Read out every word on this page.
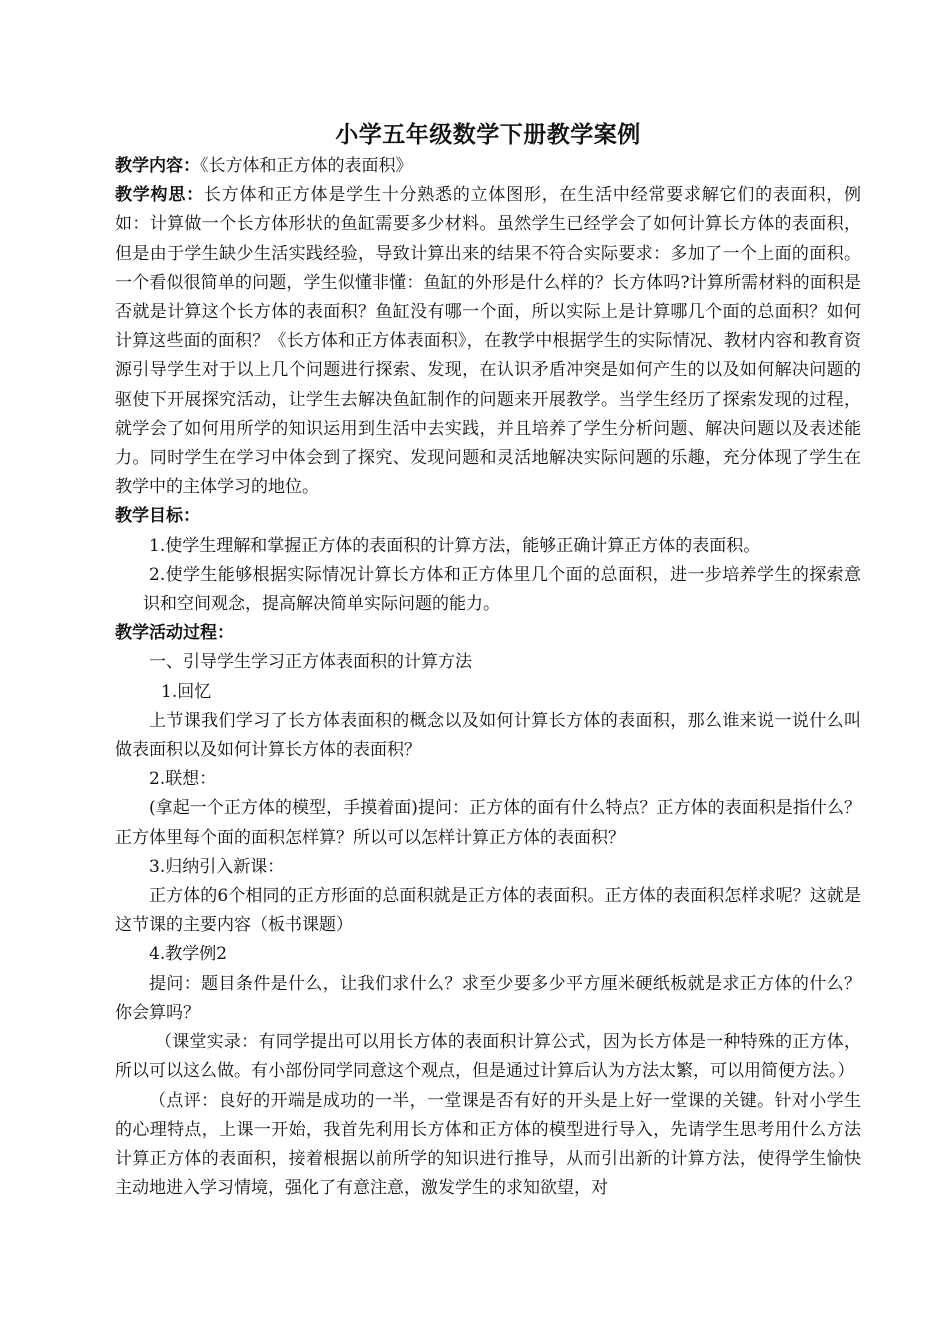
小学五年级数学下册教学案例

教学内容：《长方体和正方体的表面积》

教学构思：长方体和正方体是学生十分熟悉的立体图形，在生活中经常要求解它们的表面积，例如：计算做一个长方体形状的鱼缸需要多少材料。虽然学生已经学会了如何计算长方体的表面积，但是由于学生缺少生活实践经验，导致计算出来的结果不符合实际要求：多加了一个上面的面积。一个看似很简单的问题，学生似懂非懂：鱼缸的外形是什么样的？长方体吗?计算所需材料的面积是否就是计算这个长方体的表面积？鱼缸没有哪一个面，所以实际上是计算哪几个面的总面积？如何计算这些面的面积？《长方体和正方体表面积》，在教学中根据学生的实际情况、教材内容和教育资源引导学生对于以上几个问题进行探索、发现，在认识矛盾冲突是如何产生的以及如何解决问题的驱使下开展探究活动，让学生去解决鱼缸制作的问题来开展教学。当学生经历了探索发现的过程，就学会了如何用所学的知识运用到生活中去实践，并且培养了学生分析问题、解决问题以及表述能力。同时学生在学习中体会到了探究、发现问题和灵活地解决实际问题的乐趣，充分体现了学生在教学中的主体学习的地位。

教学目标：

1.使学生理解和掌握正方体的表面积的计算方法，能够正确计算正方体的表面积。

2.使学生能够根据实际情况计算长方体和正方体里几个面的总面积，进一步培养学生的探索意识和空间观念，提高解决简单实际问题的能力。

教学活动过程：

一、引导学生学习正方体表面积的计算方法

1.回忆

上节课我们学习了长方体表面积的概念以及如何计算长方体的表面积，那么谁来说一说什么叫做表面积以及如何计算长方体的表面积？

2.联想：

(拿起一个正方体的模型，手摸着面)提问：正方体的面有什么特点？正方体的表面积是指什么？正方体里每个面的面积怎样算？所以可以怎样计算正方体的表面积？

3.归纳引入新课：

正方体的6个相同的正方形面的总面积就是正方体的表面积。正方体的表面积怎样求呢？这就是这节课的主要内容（板书课题）

4.教学例2

提问：题目条件是什么，让我们求什么？求至少要多少平方厘米硬纸板就是求正方体的什么？你会算吗？

（课堂实录：有同学提出可以用长方体的表面积计算公式，因为长方体是一种特殊的正方体，所以可以这么做。有小部份同学同意这个观点，但是通过计算后认为方法太繁，可以用简便方法。）

（点评：良好的开端是成功的一半，一堂课是否有好的开头是上好一堂课的关键。针对小学生的心理特点，上课一开始，我首先利用长方体和正方体的模型进行导入，先请学生思考用什么方法计算正方体的表面积，接着根据以前所学的知识进行推导，从而引出新的计算方法，使得学生愉快主动地进入学习情境，强化了有意注意，激发学生的求知欲望，对
